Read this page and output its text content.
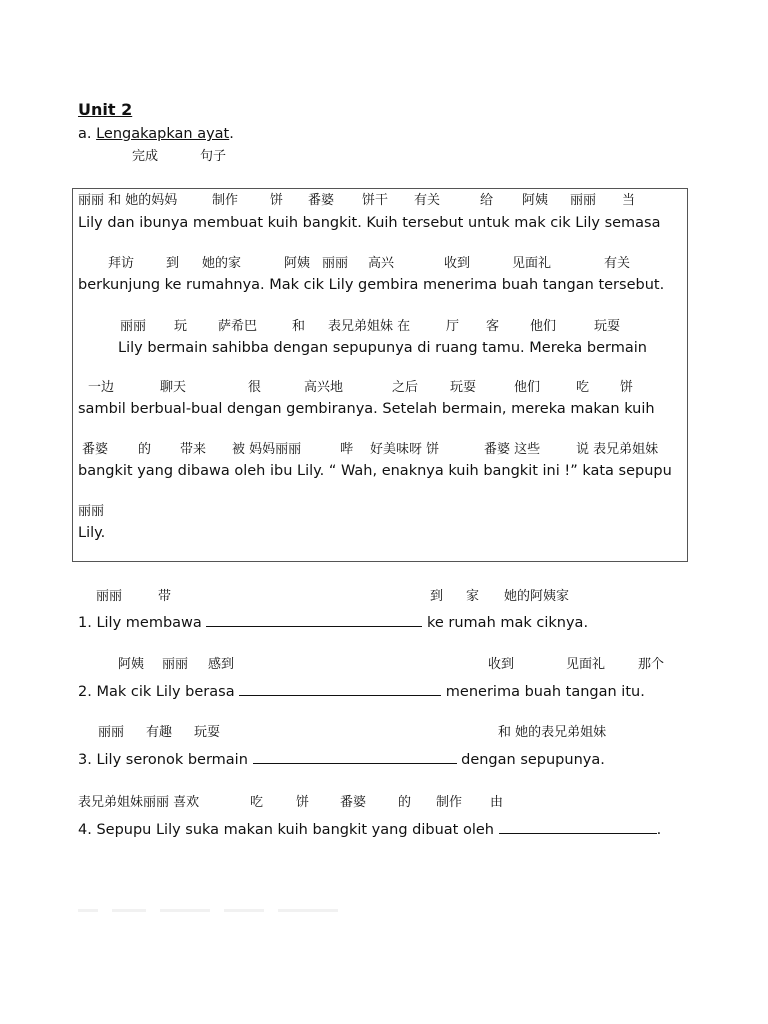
Unit 2
a. Lengakapkan ayat.
完成	句子
丽丽 和 她的妈妈	制作 饼 番婆 饼干 有关	给 阿姨 丽丽 当
Lily dan ibunya membuat kuih bangkit. Kuih tersebut untuk mak cik Lily semasa
拜访 到 她的家	阿姨 丽丽 高兴	收到	见面礼	有关
berkunjung ke rumahnya. Mak cik Lily gembira menerima buah tangan tersebut.
丽丽 玩 萨希巴	和 表兄弟姐妹 在	厅 客 他们	玩耍
Lily bermain sahibba dengan sepupunya di ruang tamu. Mereka bermain
一边	聊天	很	高兴地	之后 玩耍	他们	吃 饼
sambil berbual-bual dengan gembiranya. Setelah bermain, mereka makan kuih
番婆 的 带来 被 妈妈丽丽	哔 好美味呀 饼	番婆 这些	说 表兄弟姐妹
bangkit yang dibawa oleh ibu Lily. “ Wah, enaknya kuih bangkit ini !” kata sepupu
丽丽
Lily.
丽丽	带	到 家 她的阿姨家
1. Lily membawa	ke rumah mak ciknya.
阿姨 丽丽 感到	收到	见面礼	那个
2. Mak cik Lily berasa	menerima buah tangan itu.
丽丽 有趣 玩耍	和 她的表兄弟姐妹
3. Lily seronok bermain	dengan sepupunya.
表兄弟姐妹丽丽 喜欢	吃	饼 番婆 的 制作 由
4. Sepupu Lily suka makan kuih bangkit yang dibuat oleh	.
